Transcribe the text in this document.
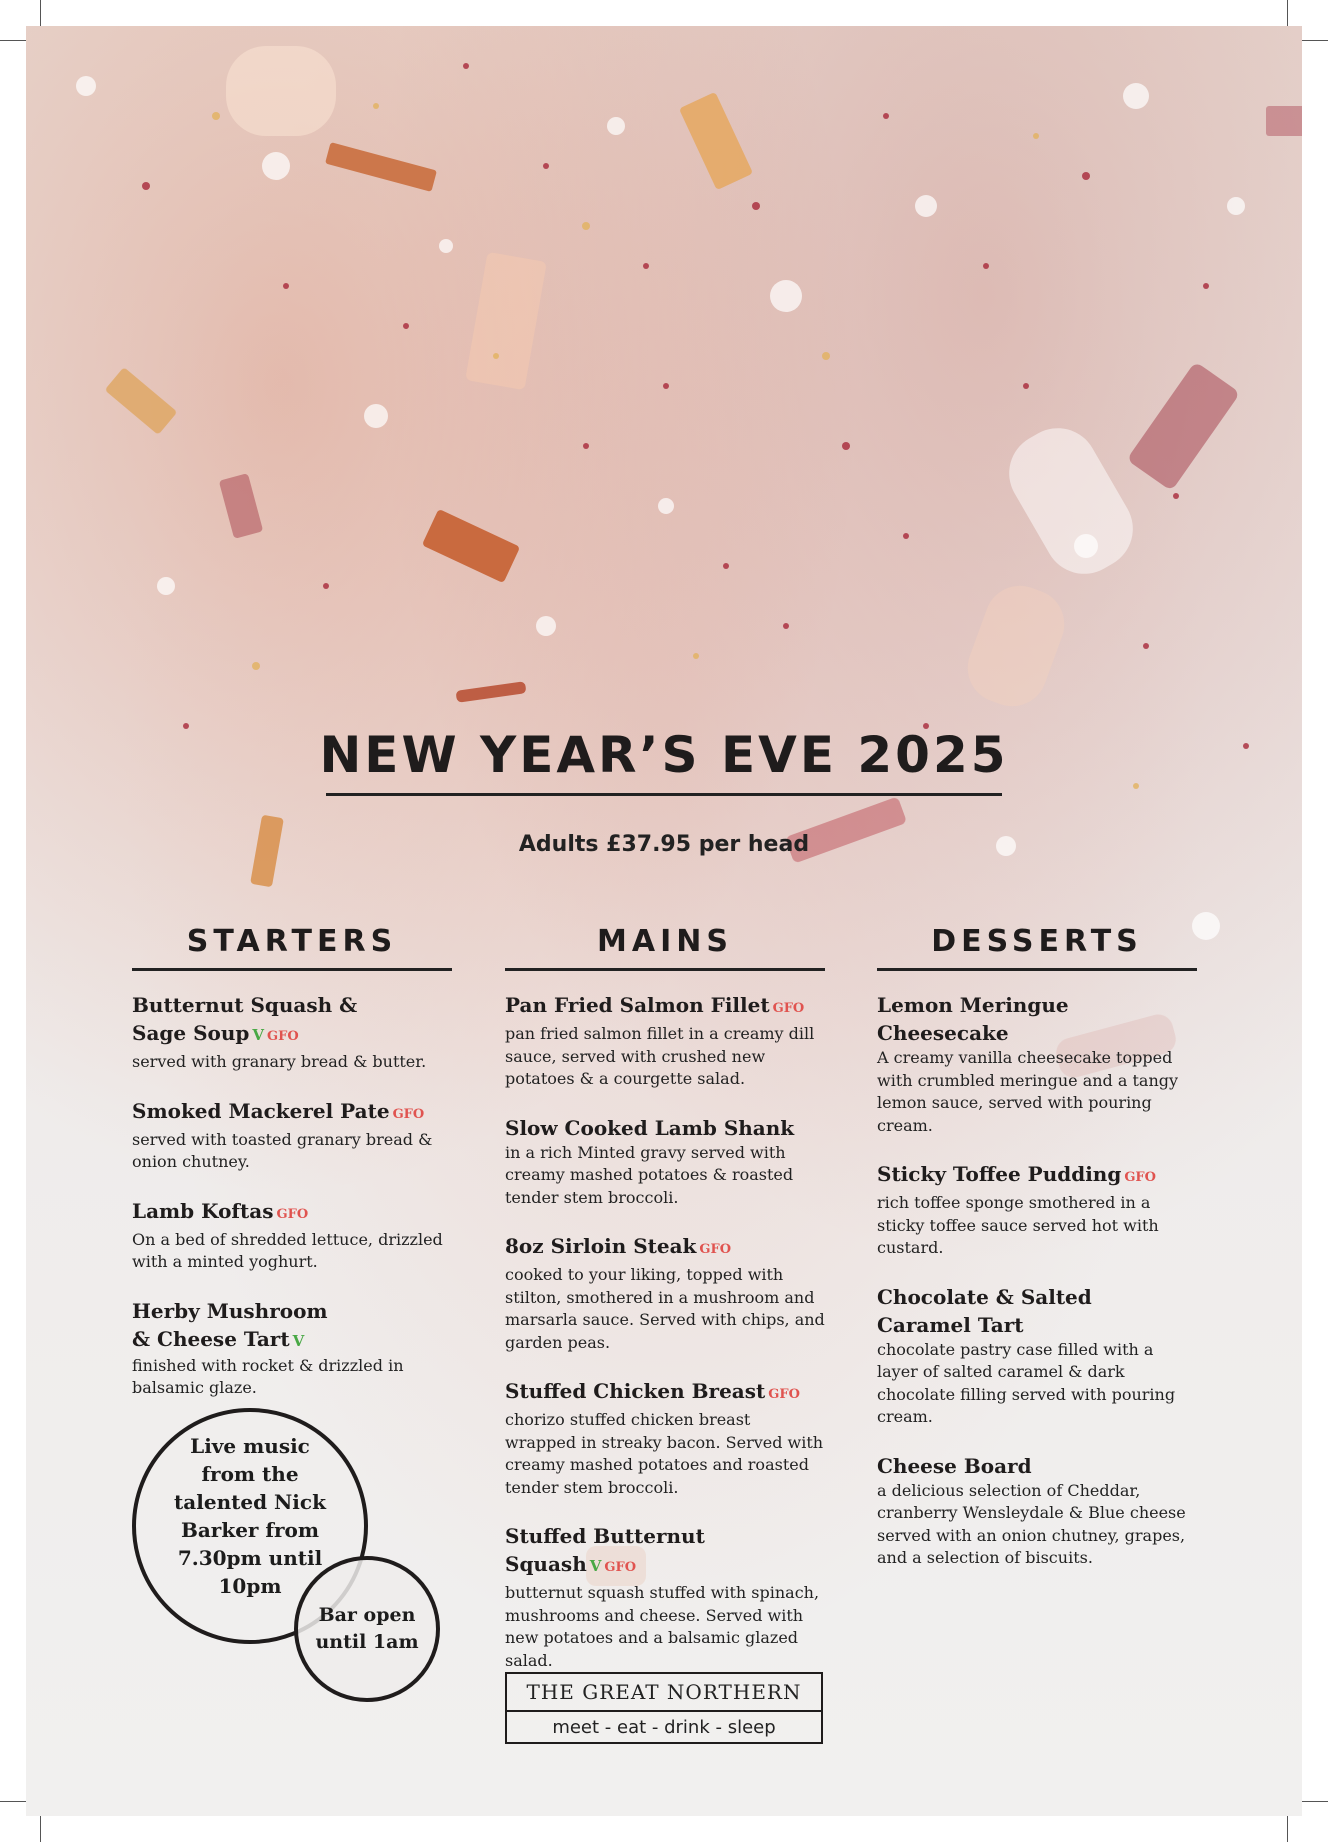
NEW YEAR’S EVE 2025
Adults £37.95 per head
STARTERS
Butternut Squash &
Sage Soup V GFO
served with granary bread & butter.
Smoked Mackerel Pate GFO
served with toasted granary bread & onion chutney.
Lamb Koftas GFO
On a bed of shredded lettuce, drizzled with a minted yoghurt.
Herby Mushroom
& Cheese Tart V
finished with rocket & drizzled in balsamic glaze.
MAINS
Pan Fried Salmon Fillet GFO
pan fried salmon fillet in a creamy dill sauce, served with crushed new potatoes & a courgette salad.
Slow Cooked Lamb Shank
in a rich Minted gravy served with creamy mashed potatoes & roasted tender stem broccoli.
8oz Sirloin Steak GFO
cooked to your liking, topped with stilton, smothered in a mushroom and marsarla sauce. Served with chips, and garden peas.
Stuffed Chicken Breast GFO
chorizo stuffed chicken breast wrapped in streaky bacon. Served with creamy mashed potatoes and roasted tender stem broccoli.
Stuffed Butternut
Squash V GFO
butternut squash stuffed with spinach, mushrooms and cheese. Served with new potatoes and a balsamic glazed salad.
DESSERTS
Lemon Meringue Cheesecake
A creamy vanilla cheesecake topped with crumbled meringue and a tangy lemon sauce, served with pouring cream.
Sticky Toffee Pudding GFO
rich toffee sponge smothered in a sticky toffee sauce served hot with custard.
Chocolate & Salted
Caramel Tart
chocolate pastry case filled with a layer of salted caramel & dark chocolate filling served with pouring cream.
Cheese Board
a delicious selection of Cheddar, cranberry Wensleydale & Blue cheese served with an onion chutney, grapes, and a selection of biscuits.
Live music from the talented Nick Barker from 7.30pm until 10pm
Bar open until 1am
THE GREAT NORTHERN
meet - eat - drink - sleep
